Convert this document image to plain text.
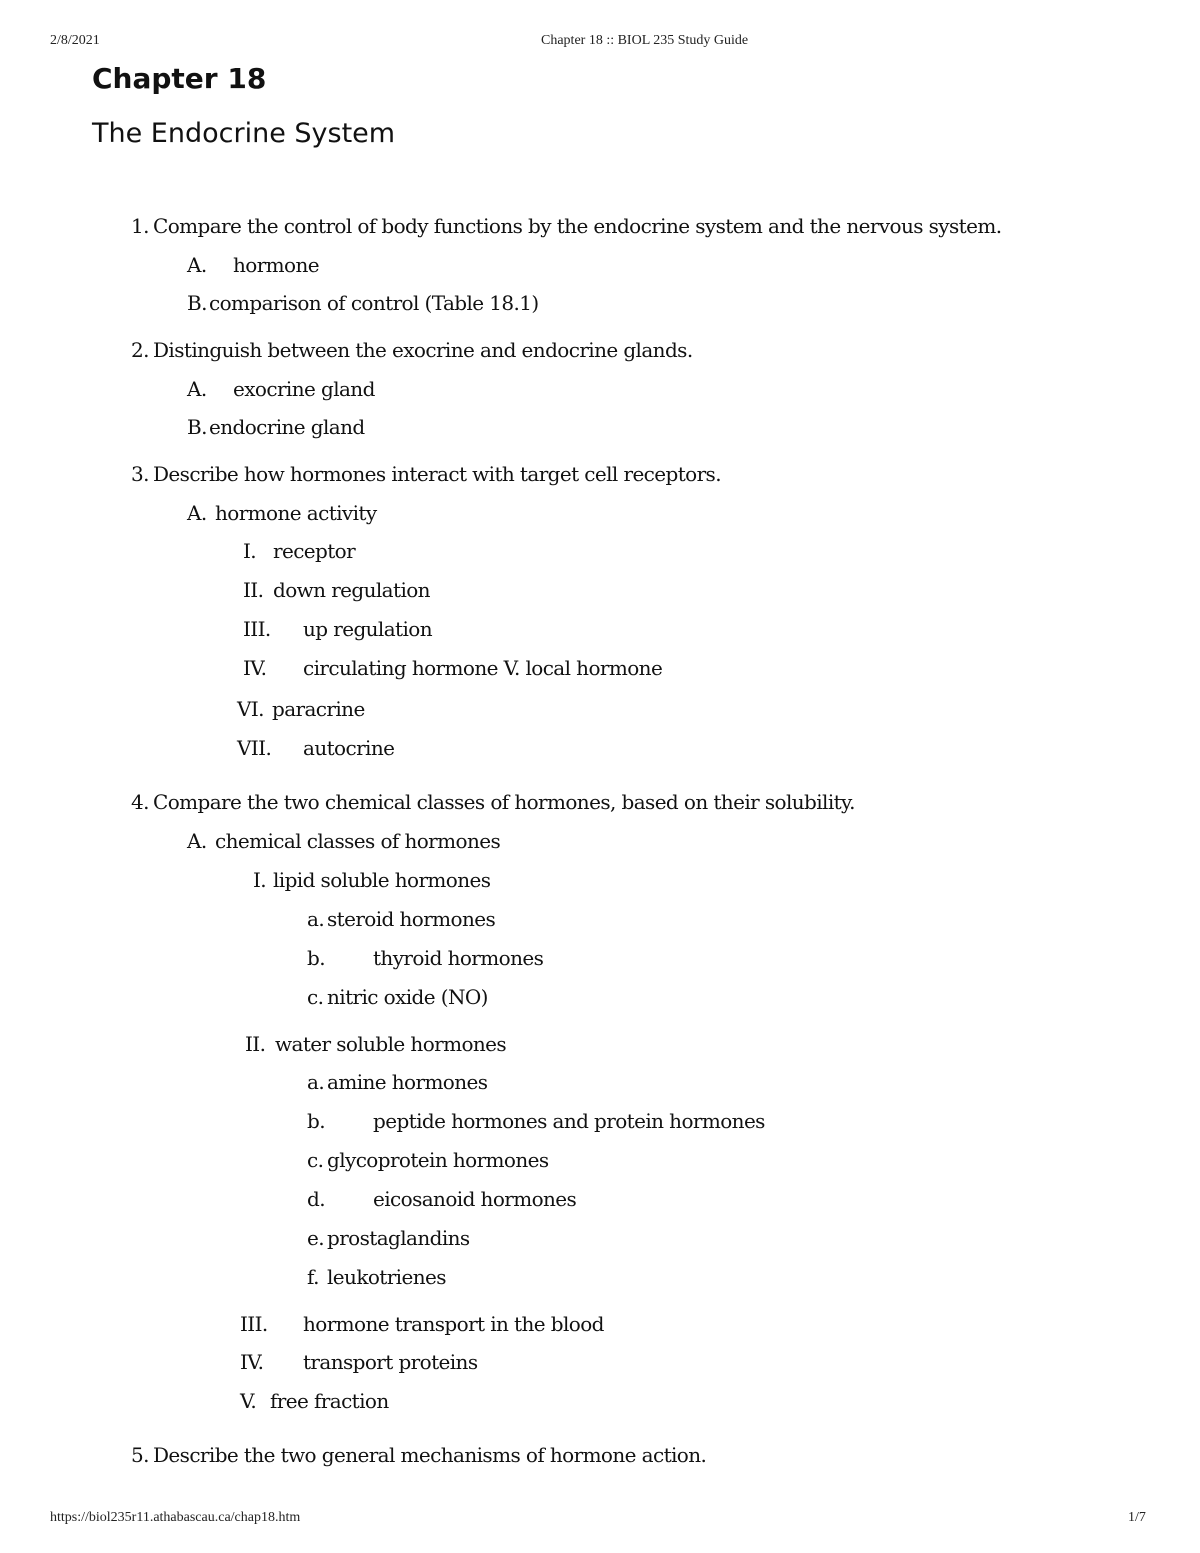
2/8/2021	Chapter 18 :: BIOL 235 Study Guide
Chapter 18
The Endocrine System
1. Compare the control of body functions by the endocrine system and the nervous system.
A. hormone
B. comparison of control (Table 18.1)
2. Distinguish between the exocrine and endocrine glands.
A. exocrine gland
B. endocrine gland
3. Describe how hormones interact with target cell receptors.
A. hormone activity
I. receptor
II. down regulation
III. up regulation
IV. circulating hormone V. local hormone
VI. paracrine
VII. autocrine
4. Compare the two chemical classes of hormones, based on their solubility.
A. chemical classes of hormones
I. lipid soluble hormones
a. steroid hormones
b. thyroid hormones
c. nitric oxide (NO)
II. water soluble hormones
a. amine hormones
b. peptide hormones and protein hormones
c. glycoprotein hormones
d. eicosanoid hormones
e. prostaglandins
f. leukotrienes
III. hormone transport in the blood
IV. transport proteins
V. free fraction
5. Describe the two general mechanisms of hormone action.
https://biol235r11.athabascau.ca/chap18.htm	1/7
